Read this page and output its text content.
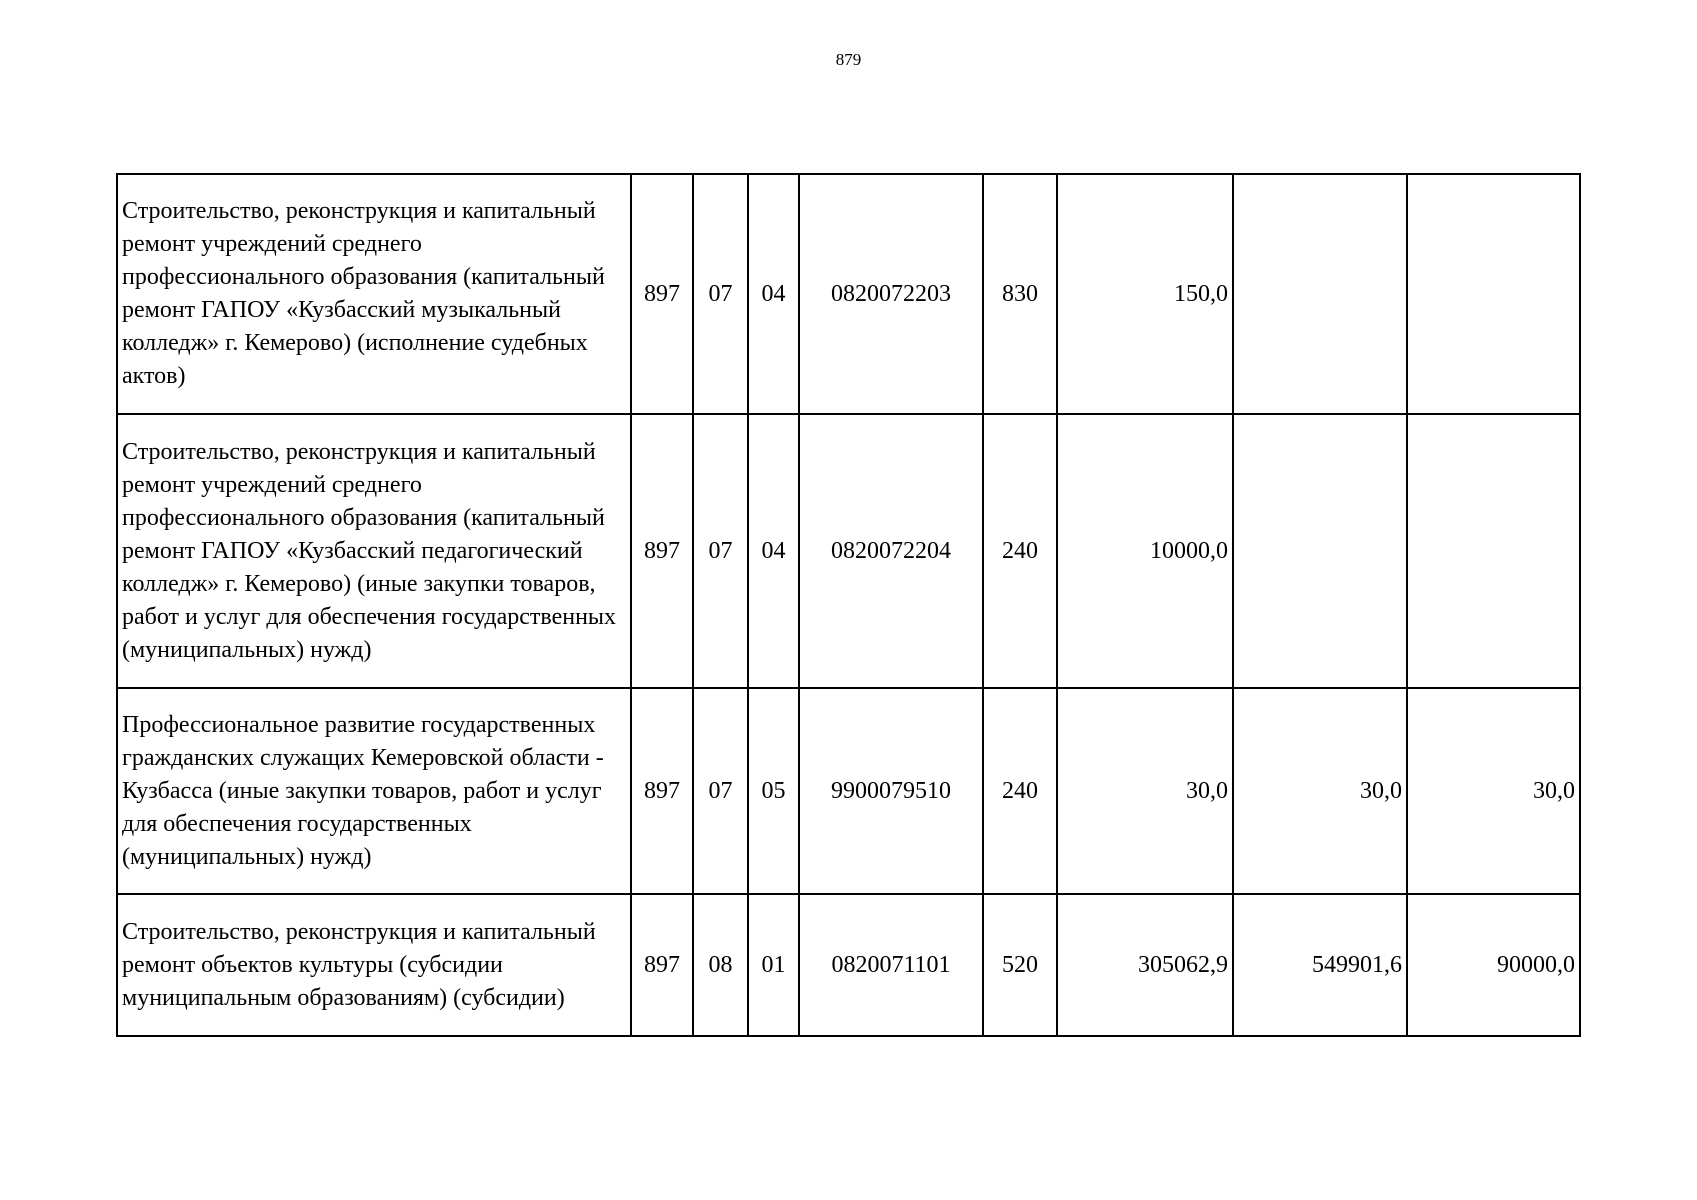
879
Строительство, реконструкция и капитальный ремонт учреждений среднего профессионального образования (капитальный ремонт ГАПОУ «Кузбасский музыкальный колледж» г. Кемерово) (исполнение судебных актов)	897	07	04	0820072203	830	150,0		
Строительство, реконструкция и капитальный ремонт учреждений среднего профессионального образования (капитальный ремонт ГАПОУ «Кузбасский педагогический колледж» г. Кемерово) (иные закупки товаров, работ и услуг для обеспечения государственных (муниципальных) нужд)	897	07	04	0820072204	240	10000,0		
Профессиональное развитие государственных гражданских служащих Кемеровской области - Кузбасса (иные закупки товаров, работ и услуг для обеспечения государственных (муниципальных) нужд)	897	07	05	9900079510	240	30,0	30,0	30,0
Строительство, реконструкция и капитальный ремонт объектов культуры (субсидии муниципальным образованиям) (субсидии)	897	08	01	0820071101	520	305062,9	549901,6	90000,0
